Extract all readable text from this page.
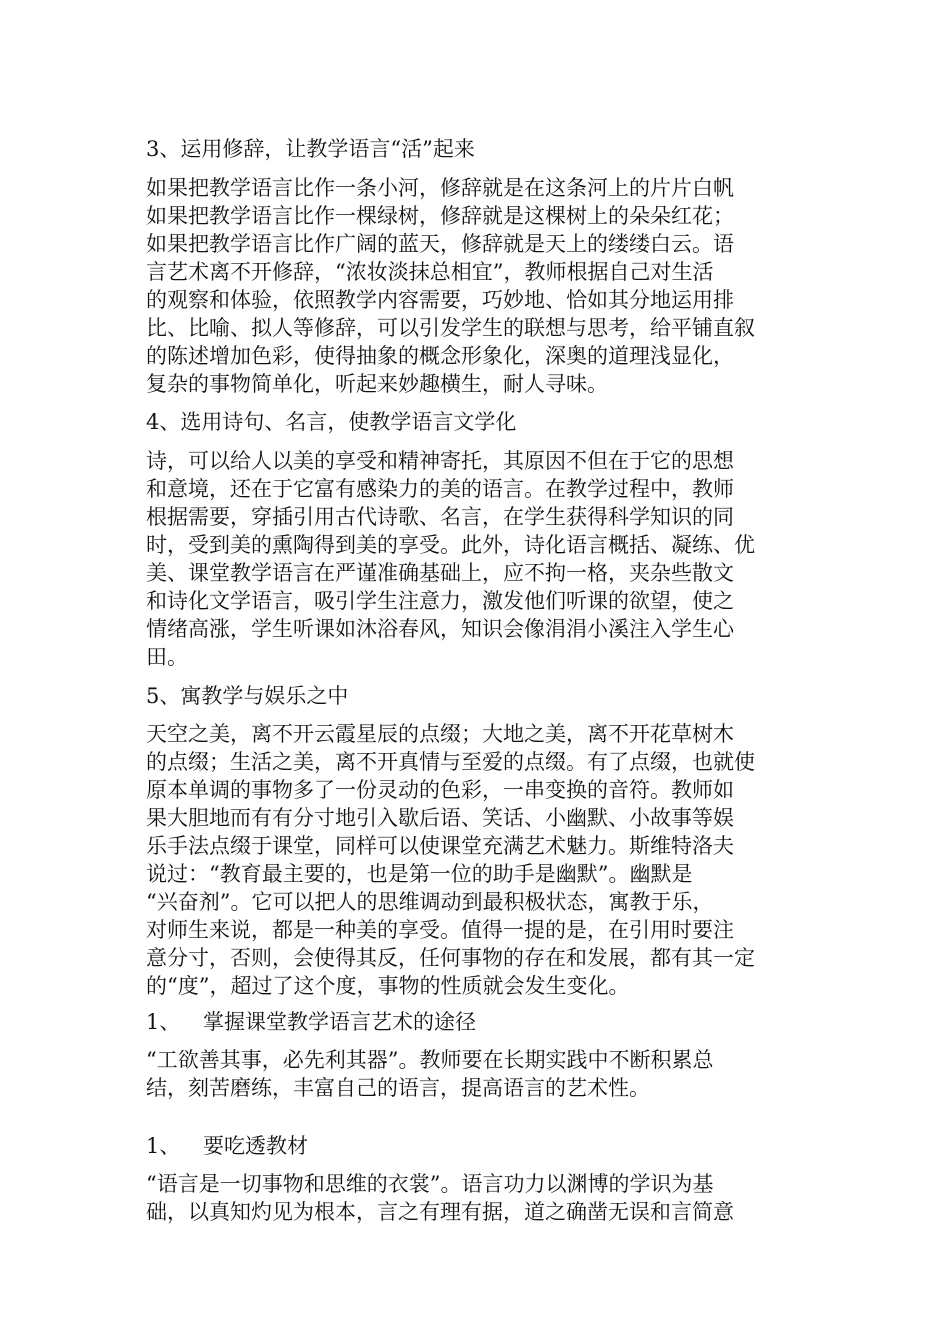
3、运用修辞，让教学语言“活”起来
如果把教学语言比作一条小河，修辞就是在这条河上的片片白帆
如果把教学语言比作一棵绿树，修辞就是这棵树上的朵朵红花；
如果把教学语言比作广阔的蓝天，修辞就是天上的缕缕白云。语
言艺术离不开修辞，“浓妆淡抹总相宜”，教师根据自己对生活
的观察和体验，依照教学内容需要，巧妙地、恰如其分地运用排
比、比喻、拟人等修辞，可以引发学生的联想与思考，给平铺直叙
的陈述增加色彩，使得抽象的概念形象化，深奥的道理浅显化，
复杂的事物简单化，听起来妙趣横生，耐人寻味。
4、选用诗句、名言，使教学语言文学化
诗，可以给人以美的享受和精神寄托，其原因不但在于它的思想
和意境，还在于它富有感染力的美的语言。在教学过程中，教师
根据需要，穿插引用古代诗歌、名言，在学生获得科学知识的同
时，受到美的熏陶得到美的享受。此外，诗化语言概括、凝练、优
美、课堂教学语言在严谨准确基础上，应不拘一格，夹杂些散文
和诗化文学语言，吸引学生注意力，激发他们听课的欲望，使之
情绪高涨，学生听课如沐浴春风，知识会像涓涓小溪注入学生心
田。
5、寓教学与娱乐之中
天空之美，离不开云霞星辰的点缀；大地之美，离不开花草树木
的点缀；生活之美，离不开真情与至爱的点缀。有了点缀，也就使
原本单调的事物多了一份灵动的色彩，一串变换的音符。教师如
果大胆地而有有分寸地引入歇后语、笑话、小幽默、小故事等娱
乐手法点缀于课堂，同样可以使课堂充满艺术魅力。斯维特洛夫
说过：“教育最主要的，也是第一位的助手是幽默”。幽默是
“兴奋剂”。它可以把人的思维调动到最积极状态，寓教于乐，
对师生来说，都是一种美的享受。值得一提的是，在引用时要注
意分寸，否则，会使得其反，任何事物的存在和发展，都有其一定
的“度”，超过了这个度，事物的性质就会发生变化。
1、 掌握课堂教学语言艺术的途径
“工欲善其事，必先利其器”。教师要在长期实践中不断积累总
结，刻苦磨练，丰富自己的语言，提高语言的艺术性。
1、 要吃透教材
“语言是一切事物和思维的衣裳”。语言功力以渊博的学识为基
础，以真知灼见为根本，言之有理有据，道之确凿无误和言简意
